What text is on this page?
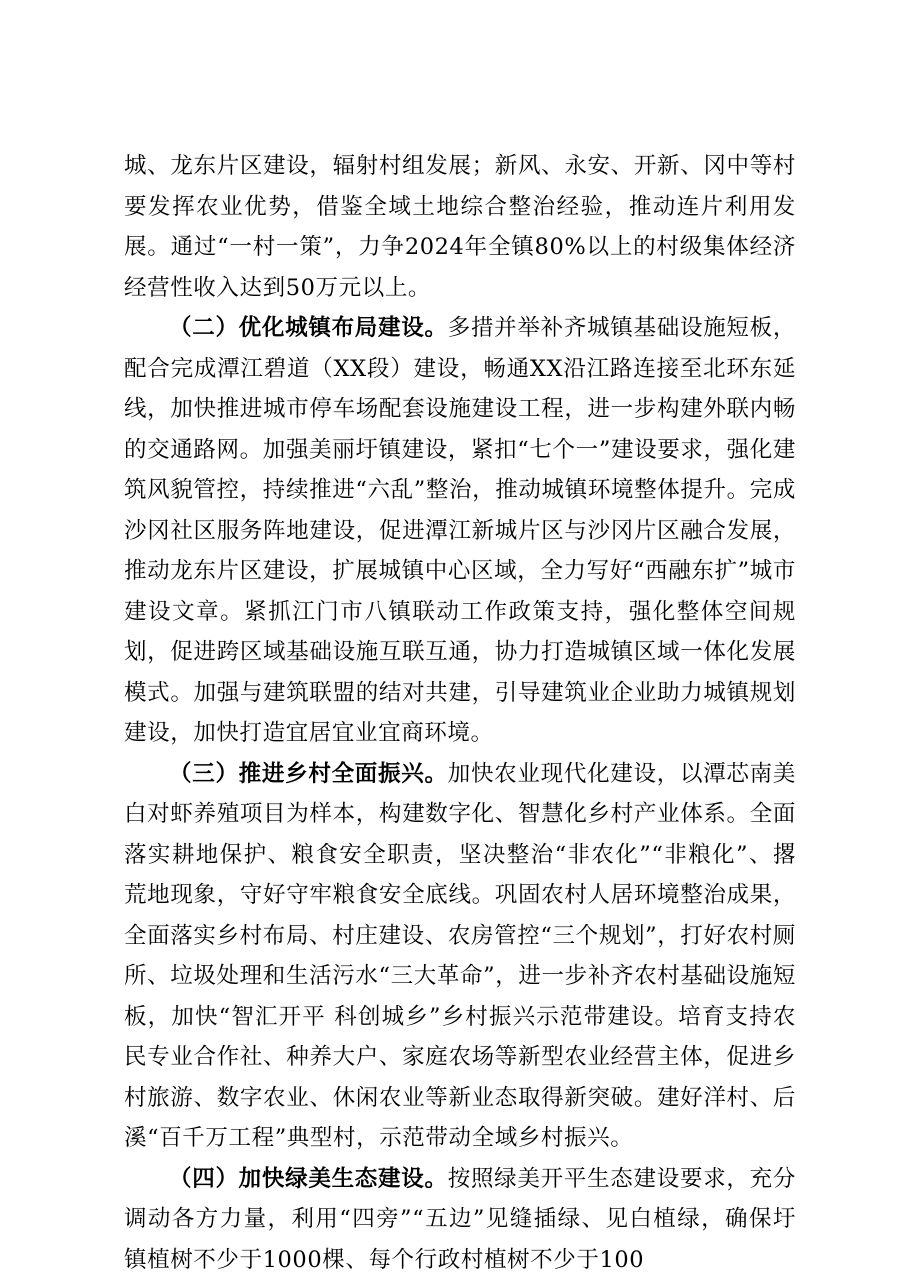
城、龙东片区建设，辐射村组发展；新风、永安、开新、冈中等村要发挥农业优势，借鉴全域土地综合整治经验，推动连片利用发展。通过“一村一策”，力争2024年全镇80%以上的村级集体经济经营性收入达到50万元以上。

（二）优化城镇布局建设。多措并举补齐城镇基础设施短板，配合完成潭江碧道（XX段）建设，畅通XX沿江路连接至北环东延线，加快推进城市停车场配套设施建设工程，进一步构建外联内畅的交通路网。加强美丽圩镇建设，紧扣“七个一”建设要求，强化建筑风貌管控，持续推进“六乱”整治，推动城镇环境整体提升。完成沙冈社区服务阵地建设，促进潭江新城片区与沙冈片区融合发展，推动龙东片区建设，扩展城镇中心区域，全力写好“西融东扩”城市建设文章。紧抓江门市八镇联动工作政策支持，强化整体空间规划，促进跨区域基础设施互联互通，协力打造城镇区域一体化发展模式。加强与建筑联盟的结对共建，引导建筑业企业助力城镇规划建设，加快打造宜居宜业宜商环境。

（三）推进乡村全面振兴。加快农业现代化建设，以潭芯南美白对虾养殖项目为样本，构建数字化、智慧化乡村产业体系。全面落实耕地保护、粮食安全职责，坚决整治“非农化”“非粮化”、撂荒地现象，守好守牢粮食安全底线。巩固农村人居环境整治成果，全面落实乡村布局、村庄建设、农房管控“三个规划”，打好农村厕所、垃圾处理和生活污水“三大革命”，进一步补齐农村基础设施短板，加快“智汇开平 科创城乡”乡村振兴示范带建设。培育支持农民专业合作社、种养大户、家庭农场等新型农业经营主体，促进乡村旅游、数字农业、休闲农业等新业态取得新突破。建好洋村、后溪“百千万工程”典型村，示范带动全域乡村振兴。

（四）加快绿美生态建设。按照绿美开平生态建设要求，充分调动各方力量，利用“四旁”“五边”见缝插绿、见白植绿，确保圩镇植树不少于1000棵、每个行政村植树不少于100
